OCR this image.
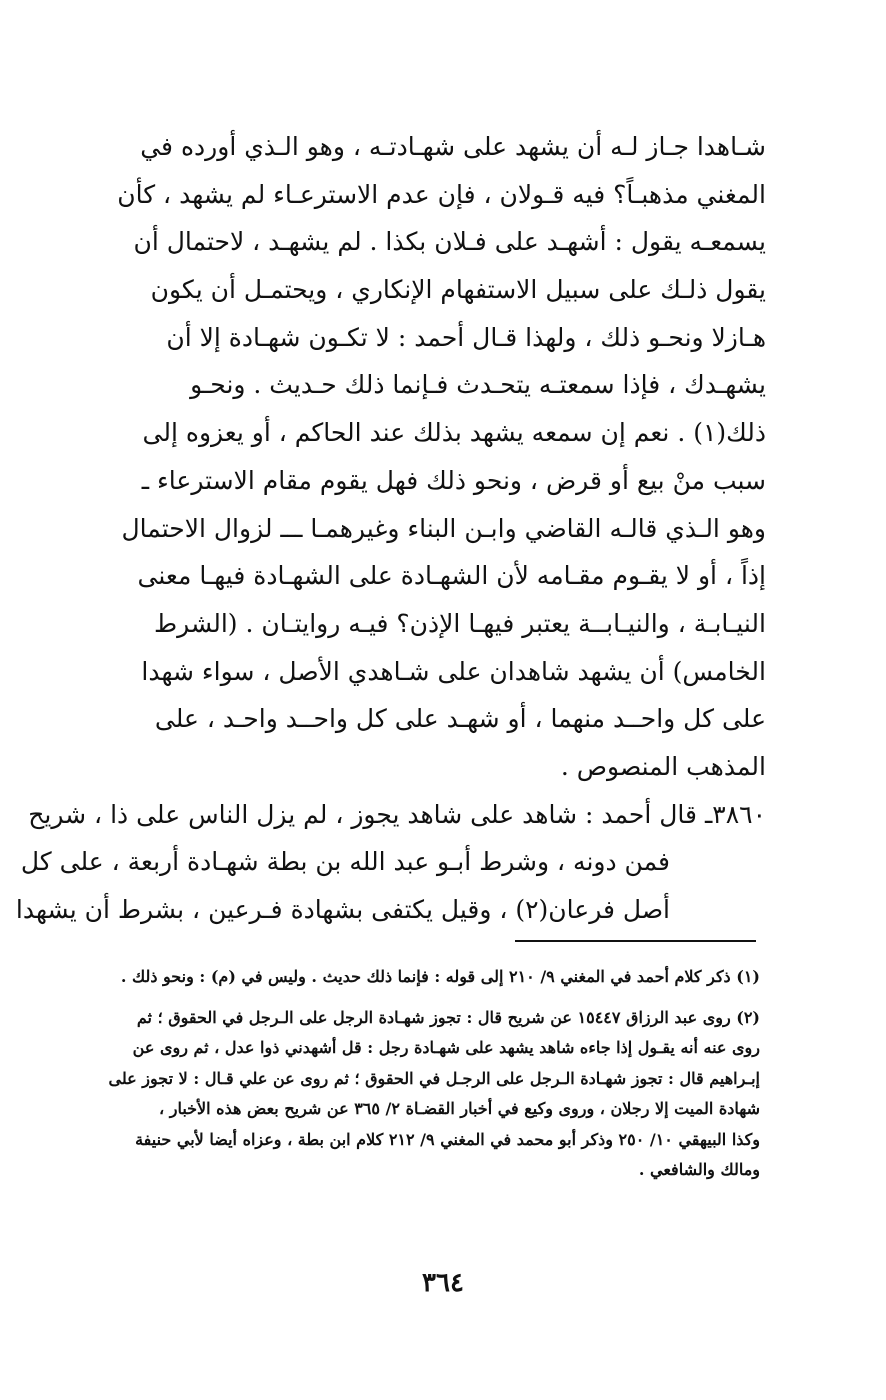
شـاهدا جـاز لـه أن يشهد على شهـادتـه ، وهو الـذي أورده في
المغني مذهبـاً؟ فيه قـولان ، فإن عدم الاسترعـاء لم يشهد ، كأن
يسمعـه يقول : أشهـد على فـلان بكذا . لم يشهـد ، لاحتمال أن
يقول ذلـك على سبيل الاستفهام الإنكاري ، ويحتمـل أن يكون
هـازلا ونحـو ذلك ، ولهذا قـال أحمد : لا تكـون شهـادة إلا أن
يشهـدك ، فإذا سمعتـه يتحـدث فـإنما ذلك حـديث . ونحـو
ذلك(١) . نعم إن سمعه يشهد بذلك عند الحاكم ، أو يعزوه إلى
سبب منْ بيع أو قرض ، ونحو ذلك فهل يقوم مقام الاسترعاء ـ
وهو الـذي قالـه القاضي وابـن البناء وغيرهمـا ـــ لزوال الاحتمال
إذاً ، أو لا يقـوم مقـامه لأن الشهـادة على الشهـادة فيهـا معنى
النيـابـة ، والنيـابــة يعتبر فيهـا الإذن؟ فيـه روايتـان . (الشرط
الخامس) أن يشهد شاهدان على شـاهدي الأصل ، سواء شهدا
على كل واحــد منهما ، أو شهـد على كل واحــد واحـد ، على
المذهب المنصوص .
٣٨٦٠ـ قال أحمد : شاهد على شاهد يجوز ، لم يزل الناس على ذا ، شريح
فمن دونه ، وشرط أبـو عبد الله بن بطة شهـادة أربعة ، على كل
أصل فرعان(٢) ، وقيل يكتفى بشهادة فـرعين ، بشرط أن يشهدا
(١) ذكر كلام أحمد في المغني ٩/ ٢١٠ إلى قوله : فإنما ذلك حديث . وليس في (م) : ونحو ذلك .
(٢) روى عبد الرزاق ١٥٤٤٧ عن شريح قال : تجوز شهـادة الرجل على الـرجل في الحقوق ؛ ثم
روى عنه أنه يقـول إذا جاءه شاهد يشهد على شهـادة رجل : قل أشهدني ذوا عدل ، ثم روى عن
إبـراهيم قال : تجوز شهـادة الـرجل على الرجـل في الحقوق ؛ ثم روى عن علي قـال : لا تجوز على
شهادة الميت إلا رجلان ، وروى وكيع في أخبار القضـاة ٢/ ٣٦٥ عن شريح بعض هذه الأخبار ،
وكذا البيهقي ١٠/ ٢٥٠ وذكر أبو محمد في المغني ٩/ ٢١٢ كلام ابن بطة ، وعزاه أيضا لأبي حنيفة
ومالك والشافعي .
٣٦٤
